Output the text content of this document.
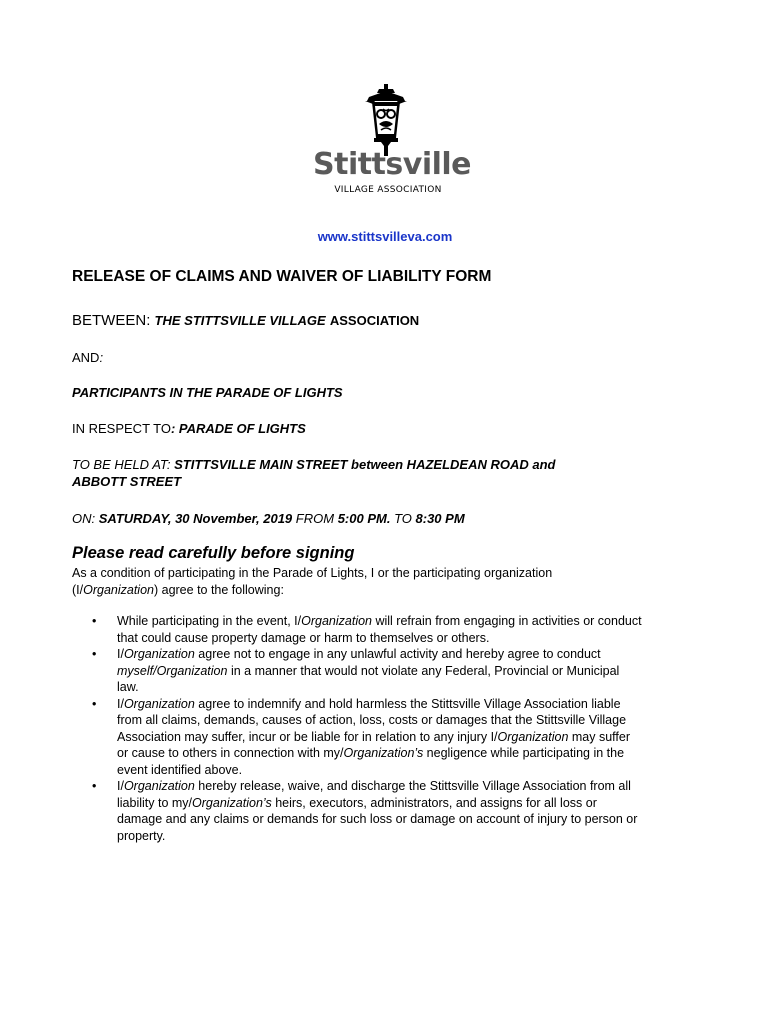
Stittsville
VILLAGE ASSOCIATION
www.stittsvilleva.com
RELEASE OF CLAIMS AND WAIVER OF LIABILITY FORM
BETWEEN: THE STITTSVILLE VILLAGE ASSOCIATION
AND:
PARTICIPANTS IN THE PARADE OF LIGHTS
IN RESPECT TO: PARADE OF LIGHTS
TO BE HELD AT: STITTSVILLE MAIN STREET between HAZELDEAN ROAD and
ABBOTT STREET
ON: SATURDAY, 30 November, 2019 FROM 5:00 PM. TO 8:30 PM
Please read carefully before signing
As a condition of participating in the Parade of Lights, I or the participating organization
(I/Organization) agree to the following:
• While participating in the event, I/Organization will refrain from engaging in activities or conduct
that could cause property damage or harm to themselves or others.
• I/Organization agree not to engage in any unlawful activity and hereby agree to conduct
myself/Organization in a manner that would not violate any Federal, Provincial or Municipal
law.
• I/Organization agree to indemnify and hold harmless the Stittsville Village Association liable
from all claims, demands, causes of action, loss, costs or damages that the Stittsville Village
Association may suffer, incur or be liable for in relation to any injury I/Organization may suffer
or cause to others in connection with my/Organization’s negligence while participating in the
event identified above.
• I/Organization hereby release, waive, and discharge the Stittsville Village Association from all
liability to my/Organization’s heirs, executors, administrators, and assigns for all loss or
damage and any claims or demands for such loss or damage on account of injury to person or
property.
